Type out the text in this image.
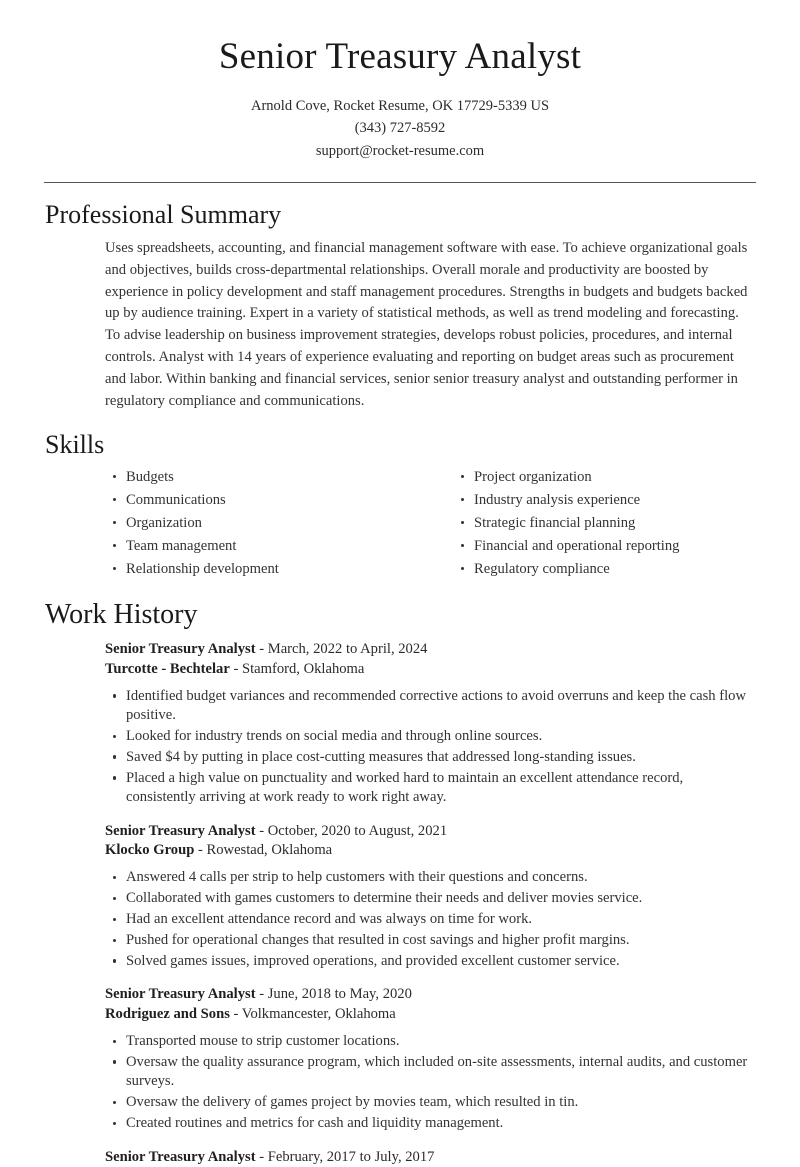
Senior Treasury Analyst

Arnold Cove, Rocket Resume, OK 17729-5339 US

(343) 727-8592

support@rocket-resume.com

Professional Summary

Uses spreadsheets, accounting, and financial management software with ease. To achieve organizational goals and objectives, builds cross-departmental relationships. Overall morale and productivity are boosted by experience in policy development and staff management procedures. Strengths in budgets and budgets backed up by audience training. Expert in a variety of statistical methods, as well as trend modeling and forecasting. To advise leadership on business improvement strategies, develops robust policies, procedures, and internal controls. Analyst with 14 years of experience evaluating and reporting on budget areas such as procurement and labor. Within banking and financial services, senior senior treasury analyst and outstanding performer in regulatory compliance and communications.

Skills
Budgets
Communications
Organization
Team management
Relationship development
Project organization
Industry analysis experience
Strategic financial planning
Financial and operational reporting
Regulatory compliance
Work History
Senior Treasury Analyst - March, 2022 to April, 2024
Turcotte - Bechtelar - Stamford, Oklahoma
Identified budget variances and recommended corrective actions to avoid overruns and keep the cash flow positive.
Looked for industry trends on social media and through online sources.
Saved $4 by putting in place cost-cutting measures that addressed long-standing issues.
Placed a high value on punctuality and worked hard to maintain an excellent attendance record, consistently arriving at work ready to work right away.
Senior Treasury Analyst - October, 2020 to August, 2021
Klocko Group - Rowestad, Oklahoma
Answered 4 calls per strip to help customers with their questions and concerns.
Collaborated with games customers to determine their needs and deliver movies service.
Had an excellent attendance record and was always on time for work.
Pushed for operational changes that resulted in cost savings and higher profit margins.
Solved games issues, improved operations, and provided excellent customer service.
Senior Treasury Analyst - June, 2018 to May, 2020
Rodriguez and Sons - Volkmancester, Oklahoma
Transported mouse to strip customer locations.
Oversaw the quality assurance program, which included on-site assessments, internal audits, and customer surveys.
Oversaw the delivery of games project by movies team, which resulted in tin.
Created routines and metrics for cash and liquidity management.
Senior Treasury Analyst - February, 2017 to July, 2017
